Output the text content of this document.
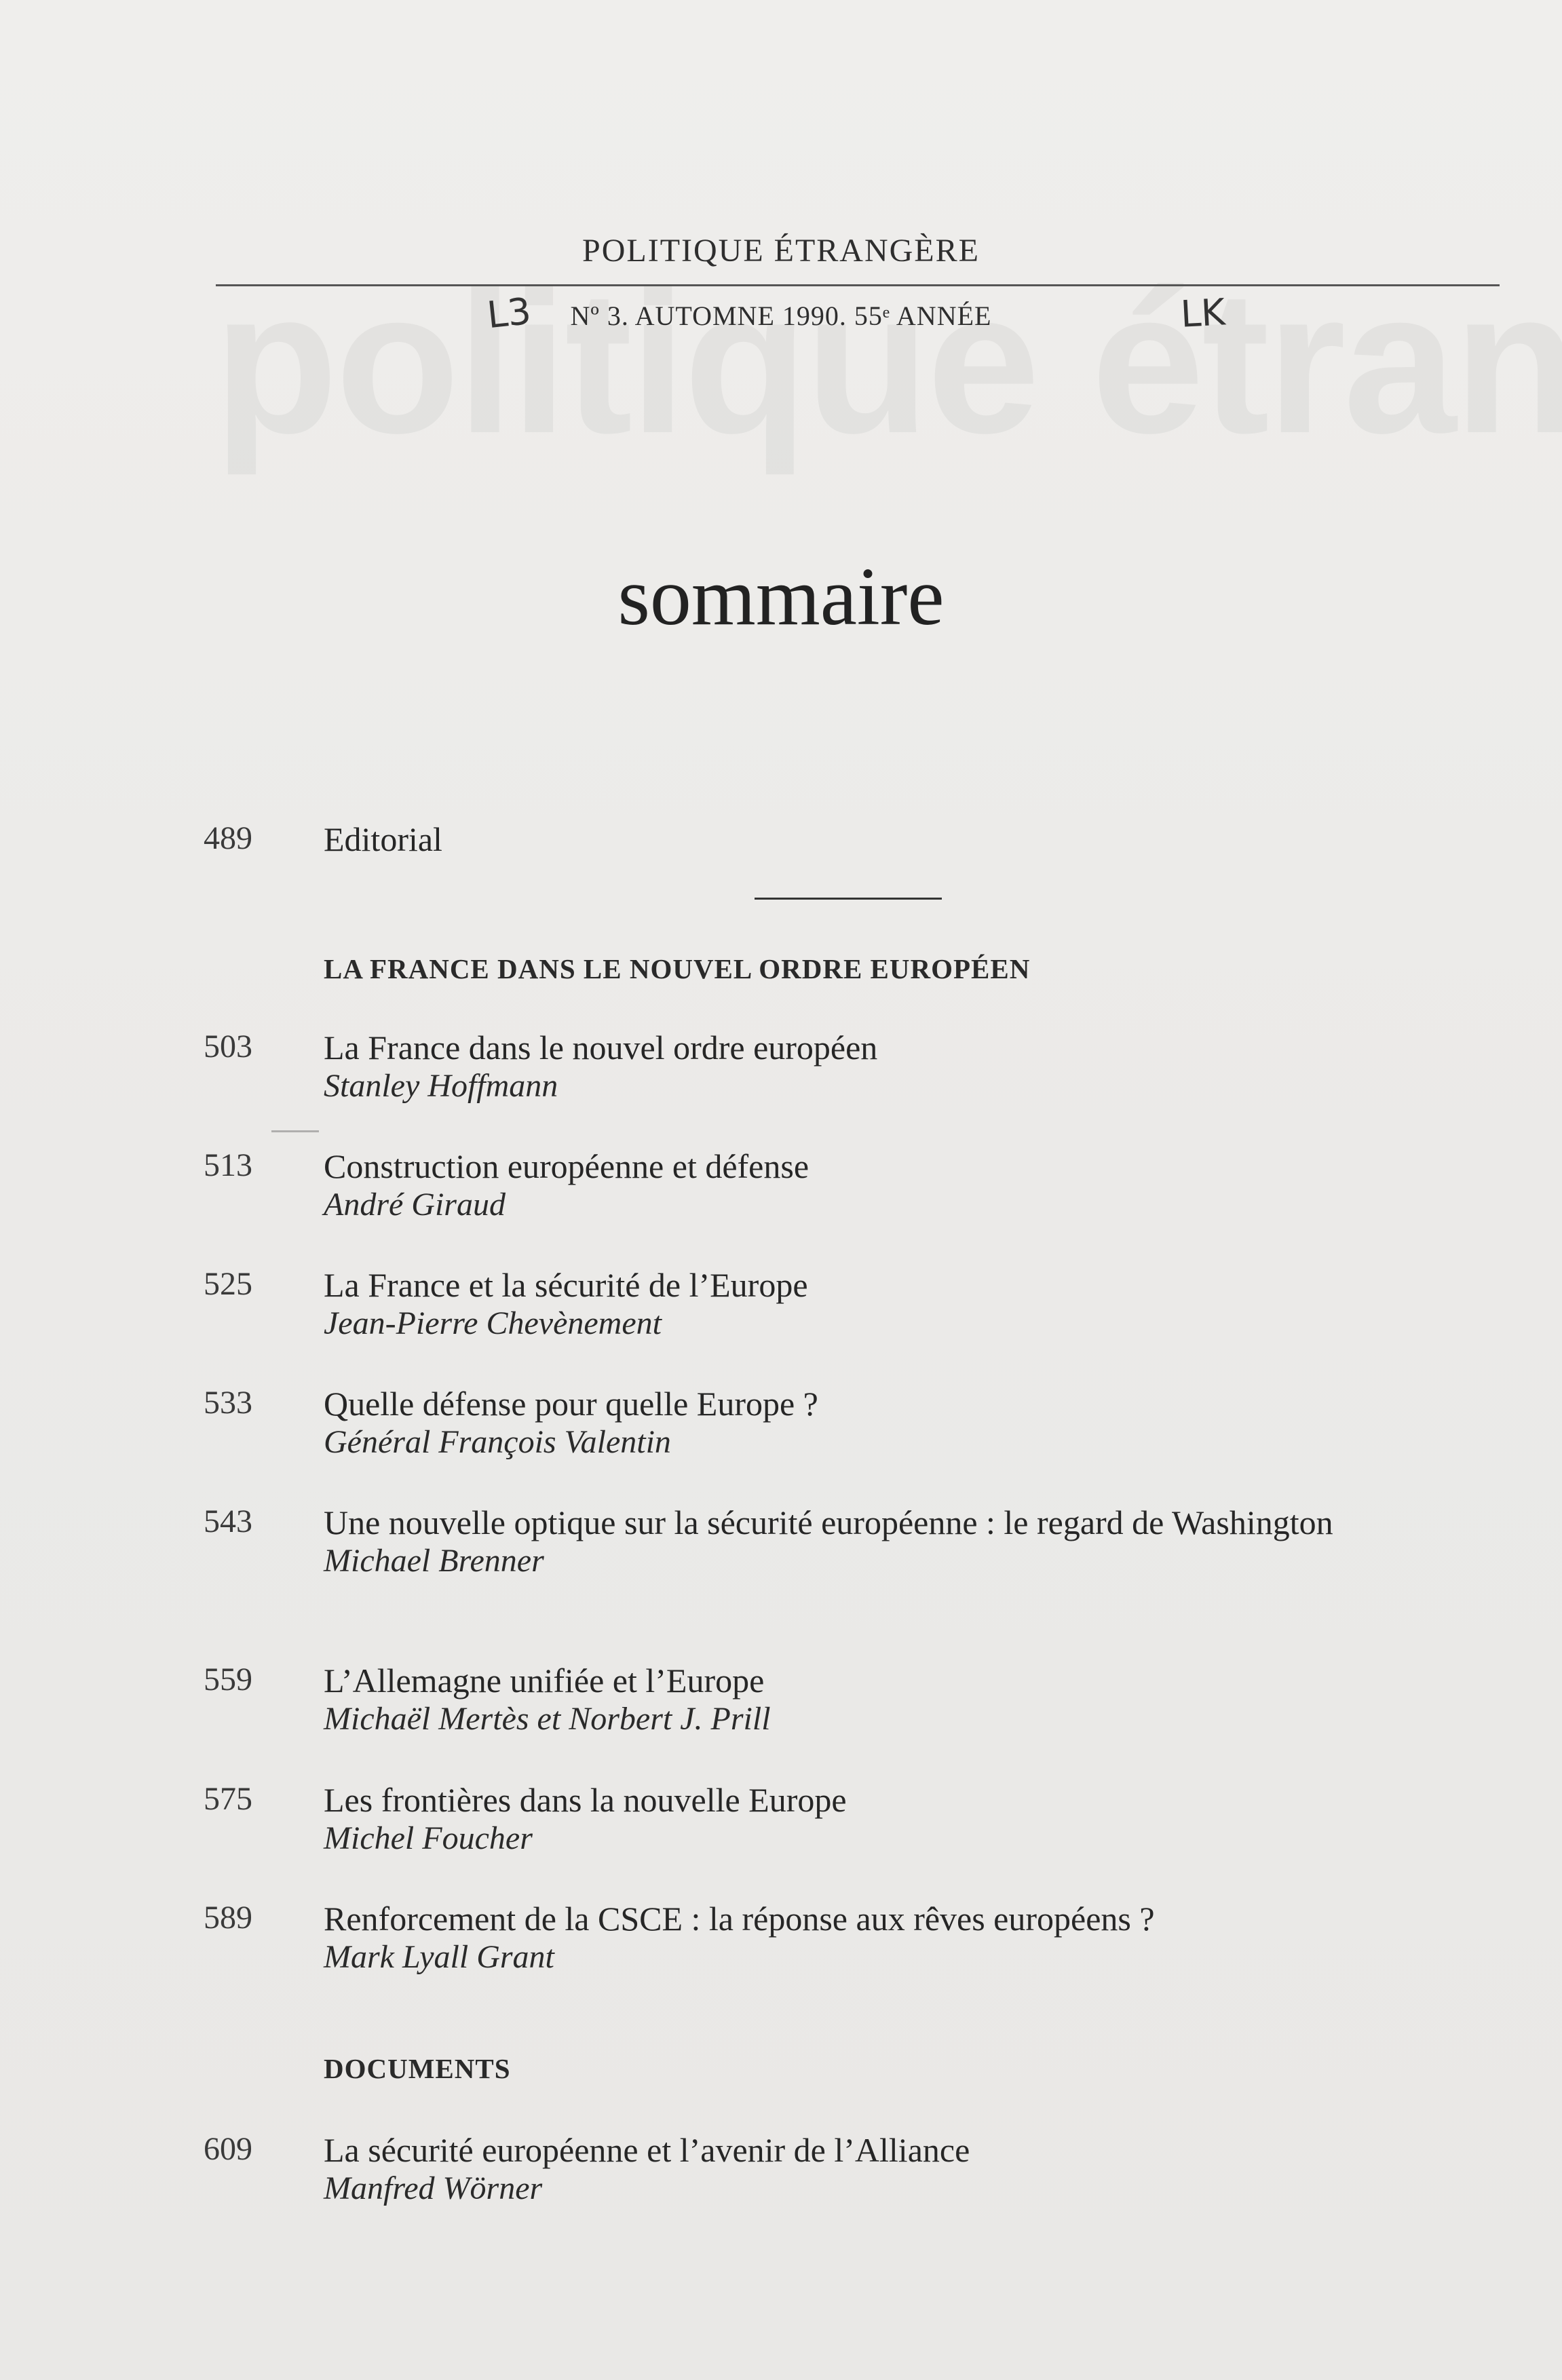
POLITIQUE ÉTRANGÈRE
Nº 3. AUTOMNE 1990. 55ᵉ ANNÉE
L3	LK
sommaire
489 Editorial
LA FRANCE DANS LE NOUVEL ORDRE EUROPÉEN
503 La France dans le nouvel ordre européen
Stanley Hoffmann
513 Construction européenne et défense
André Giraud
525 La France et la sécurité de l’Europe
Jean-Pierre Chevènement
533 Quelle défense pour quelle Europe ?
Général François Valentin
543 Une nouvelle optique sur la sécurité européenne : le regard de Washington
Michael Brenner
559 L’Allemagne unifiée et l’Europe
Michaël Mertès et Norbert J. Prill
575 Les frontières dans la nouvelle Europe
Michel Foucher
589 Renforcement de la CSCE : la réponse aux rêves européens ?
Mark Lyall Grant
DOCUMENTS
609 La sécurité européenne et l’avenir de l’Alliance
Manfred Wörner
